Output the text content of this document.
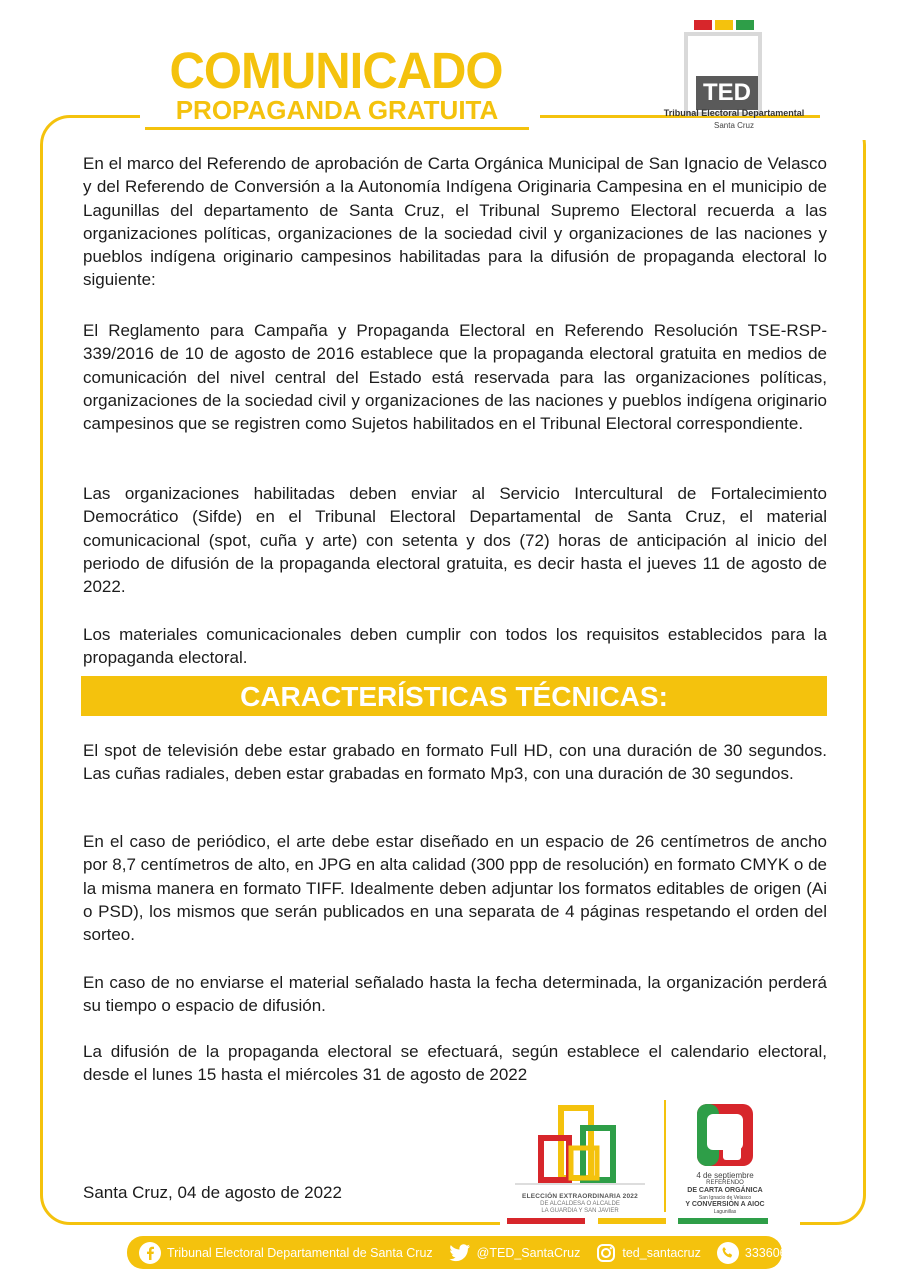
COMUNICADO
PROPAGANDA GRATUITA
TED
Tribunal Electoral Departamental
Santa Cruz

En el marco del Referendo de aprobación de Carta Orgánica Municipal de San Ignacio de Velasco y del Referendo de Conversión a la Autonomía Indígena Originaria Campesina en el municipio de Lagunillas del departamento de Santa Cruz, el Tribunal Supremo Electoral recuerda a las organizaciones políticas, organizaciones de la sociedad civil y organizaciones de las naciones y pueblos indígena originario campesinos habilitadas para la difusión de propaganda electoral lo siguiente:

El Reglamento para Campaña y Propaganda Electoral en Referendo Resolución TSE-RSP-339/2016 de 10 de agosto de 2016 establece que la propaganda electoral gratuita en medios de comunicación del nivel central del Estado está reservada para las organizaciones políticas, organizaciones de la sociedad civil y organizaciones de las naciones y pueblos indígena originario campesinos que se registren como Sujetos habilitados en el Tribunal Electoral correspondiente.

Las organizaciones habilitadas deben enviar al Servicio Intercultural de Fortalecimiento Democrático (Sifde) en el Tribunal Electoral Departamental de Santa Cruz, el material comunicacional (spot, cuña y arte) con setenta y dos (72) horas de anticipación al inicio del periodo de difusión de la propaganda electoral gratuita, es decir hasta el jueves 11 de agosto de 2022.

Los materiales comunicacionales deben cumplir con todos los requisitos establecidos para la propaganda electoral.

CARACTERÍSTICAS TÉCNICAS:

El spot de televisión debe estar grabado en formato Full HD, con una duración de 30 segundos. Las cuñas radiales, deben estar grabadas en formato Mp3, con una duración de 30 segundos.

En el caso de periódico, el arte debe estar diseñado en un espacio de 26 centímetros de ancho por 8,7 centímetros de alto, en JPG en alta calidad (300 ppp de resolución) en formato CMYK o de la misma manera en formato TIFF. Idealmente deben adjuntar los formatos editables de origen (Ai o PSD), los mismos que serán publicados en una separata de 4 páginas respetando el orden del sorteo.

En caso de no enviarse el material señalado hasta la fecha determinada, la organización perderá su tiempo o espacio de difusión.

La difusión de la propaganda electoral se efectuará, según establece el calendario electoral, desde el lunes 15 hasta el miércoles 31 de agosto de 2022

Santa Cruz, 04 de agosto de 2022	ELECCIÓN EXTRAORDINARIA 2022
DE ALCALDESA O ALCALDE
LA GUARDIA Y SAN JAVIER
4 de septiembre
REFERENDO
DE CARTA ORGÁNICA
San Ignacio de Velasco
Y CONVERSIÓN A AIOC
Lagunillas
Tribunal Electoral Departamental de Santa Cruz	@TED_SantaCruz	ted_santacruz	3336068
